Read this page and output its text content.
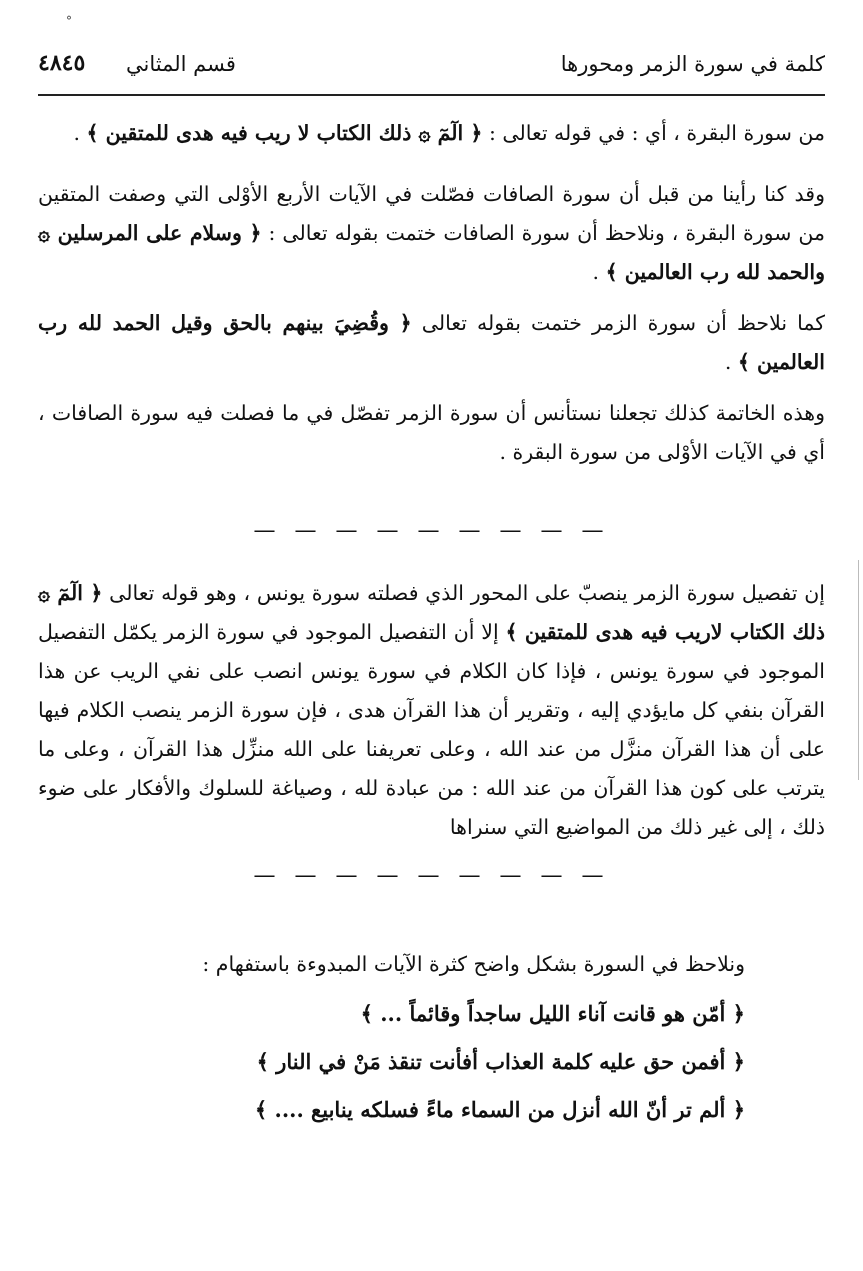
°
كلمة في سورة الزمر ومحورها
قسم المثاني
٤٨٤٥

من سورة البقرة ، أي : في قوله تعالى : ﴿ الٓمٓ ۞ ذلك الكتاب لا ريب فيه هدى للمتقين ﴾ .

وقد كنا رأينا من قبل أن سورة الصافات فصّلت في الآيات الأربع الأوْلى التي وصفت المتقين من سورة البقرة ، ونلاحظ أن سورة الصافات ختمت بقوله تعالى : ﴿ وسلام على المرسلين ۞ والحمد لله رب العالمين ﴾ .

كما نلاحظ أن سورة الزمر ختمت بقوله تعالى ﴿ وقُضِيَ بينهم بالحق وقيل الحمد لله رب العالمين ﴾ .

وهذه الخاتمة كذلك تجعلنا نستأنس أن سورة الزمر تفصّل في ما فصلت فيه سورة الصافات ، أي في الآيات الأوْلى من سورة البقرة .

— — — — — — — — —

إن تفصيل سورة الزمر ينصبّ على المحور الذي فصلته سورة يونس ، وهو قوله تعالى ﴿ الٓمٓ ۞ ذلك الكتاب لاريب فيه هدى للمتقين ﴾ إلا أن التفصيل الموجود في سورة الزمر يكمّل التفصيل الموجود في سورة يونس ، فإذا كان الكلام في سورة يونس انصب على نفي الريب عن هذا القرآن بنفي كل مايؤدي إليه ، وتقرير أن هذا القرآن هدى ، فإن سورة الزمر ينصب الكلام فيها على أن هذا القرآن منزَّل من عند الله ، وعلى تعريفنا على الله منزِّل هذا القرآن ، وعلى ما يترتب على كون هذا القرآن من عند الله : من عبادة لله ، وصياغة للسلوك والأفكار على ضوء ذلك ، إلى غير ذلك من المواضيع التي سنراها

— — — — — — — — —

ونلاحظ في السورة بشكل واضح كثرة الآيات المبدوءة باستفهام :

﴿ أمّن هو قانت آناء الليل ساجداً وقائماً ... ﴾

﴿ أفمن حق عليه كلمة العذاب أفأنت تنقذ مَنْ في النار ﴾

﴿ ألم تر أنّ الله أنزل من السماء ماءً فسلكه ينابيع .... ﴾
